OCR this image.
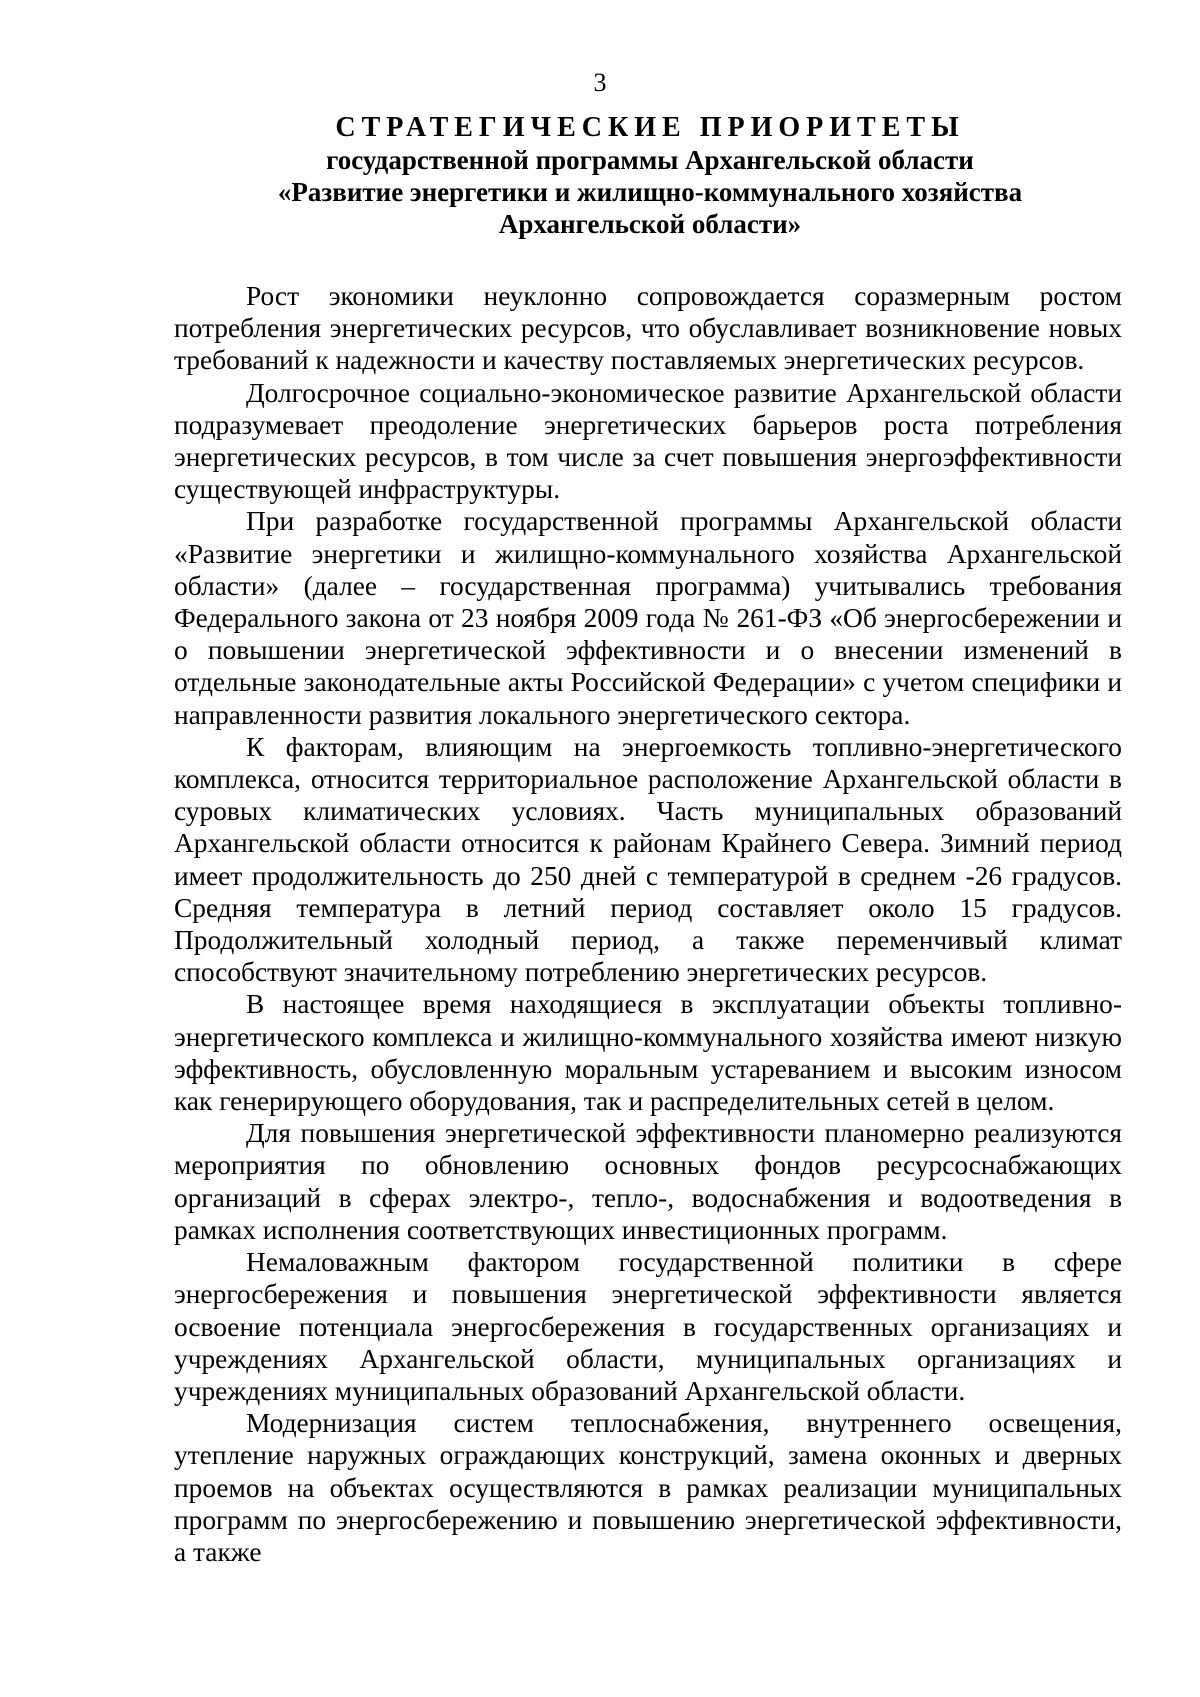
3
СТРАТЕГИЧЕСКИЕ ПРИОРИТЕТЫ
государственной программы Архангельской области
«Развитие энергетики и жилищно-коммунального хозяйства
Архангельской области»

Рост экономики неуклонно сопровождается соразмерным ростом потребления энергетических ресурсов, что обуславливает возникновение новых требований к надежности и качеству поставляемых энергетических ресурсов.

Долгосрочное социально-экономическое развитие Архангельской области подразумевает преодоление энергетических барьеров роста потребления энергетических ресурсов, в том числе за счет повышения энергоэффективности существующей инфраструктуры.

При разработке государственной программы Архангельской области «Развитие энергетики и жилищно-коммунального хозяйства Архангельской области» (далее – государственная программа) учитывались требования Федерального закона от 23 ноября 2009 года № 261-ФЗ «Об энергосбережении и о повышении энергетической эффективности и о внесении изменений в отдельные законодательные акты Российской Федерации» с учетом специфики и направленности развития локального энергетического сектора.

К факторам, влияющим на энергоемкость топливно-энергетического комплекса, относится территориальное расположение Архангельской области в суровых климатических условиях. Часть муниципальных образований Архангельской области относится к районам Крайнего Севера. Зимний период имеет продолжительность до 250 дней с температурой в среднем -26 градусов. Средняя температура в летний период составляет около 15 градусов. Продолжительный холодный период, а также переменчивый климат способствуют значительному потреблению энергетических ресурсов.

В настоящее время находящиеся в эксплуатации объекты топливно-энергетического комплекса и жилищно-коммунального хозяйства имеют низкую эффективность, обусловленную моральным устареванием и высоким износом как генерирующего оборудования, так и распределительных сетей в целом.

Для повышения энергетической эффективности планомерно реализуются мероприятия по обновлению основных фондов ресурсоснабжающих организаций в сферах электро-, тепло-, водоснабжения и водоотведения в рамках исполнения соответствующих инвестиционных программ.

Немаловажным фактором государственной политики в сфере энергосбережения и повышения энергетической эффективности является освоение потенциала энергосбережения в государственных организациях и учреждениях Архангельской области, муниципальных организациях и учреждениях муниципальных образований Архангельской области.

Модернизация систем теплоснабжения, внутреннего освещения, утепление наружных ограждающих конструкций, замена оконных и дверных проемов на объектах осуществляются в рамках реализации муниципальных программ по энергосбережению и повышению энергетической эффективности, а также
